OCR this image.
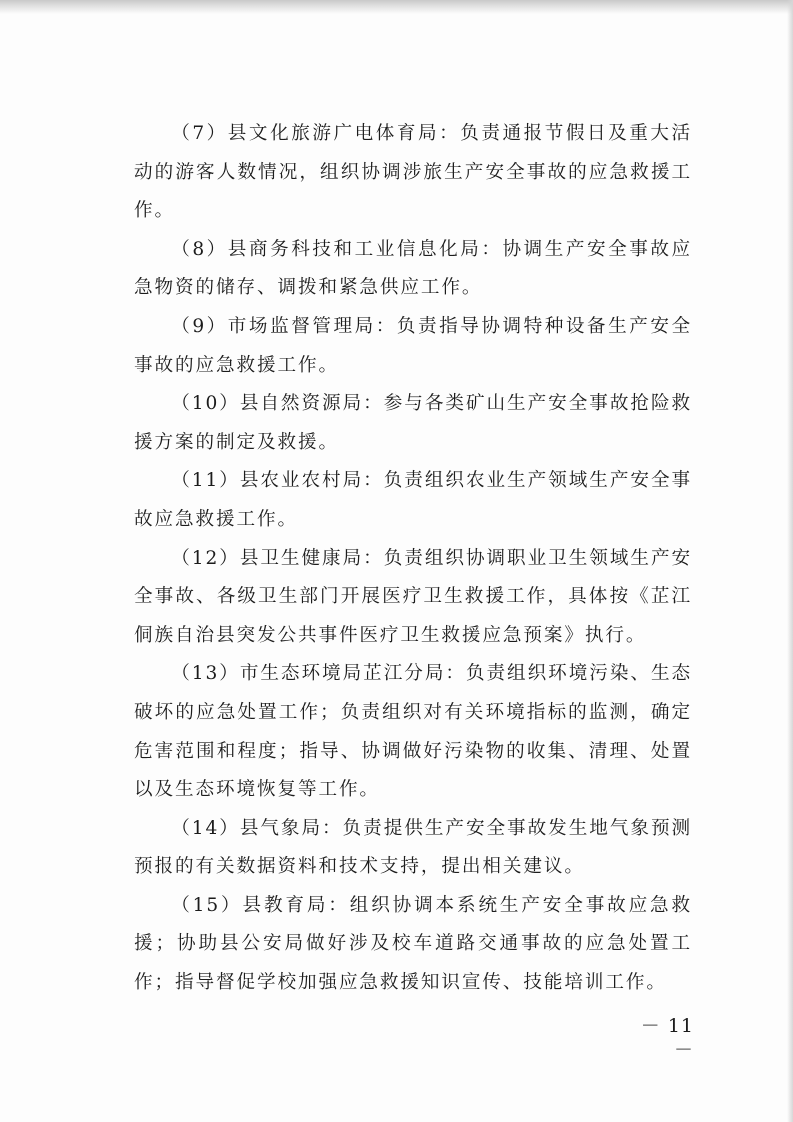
（7）县文化旅游广电体育局：负责通报节假日及重大活动的游客人数情况，组织协调涉旅生产安全事故的应急救援工作。

（8）县商务科技和工业信息化局：协调生产安全事故应急物资的储存、调拨和紧急供应工作。

（9）市场监督管理局：负责指导协调特种设备生产安全事故的应急救援工作。

（10）县自然资源局：参与各类矿山生产安全事故抢险救援方案的制定及救援。

（11）县农业农村局：负责组织农业生产领域生产安全事故应急救援工作。

（12）县卫生健康局：负责组织协调职业卫生领域生产安全事故、各级卫生部门开展医疗卫生救援工作，具体按《芷江侗族自治县突发公共事件医疗卫生救援应急预案》执行。

（13）市生态环境局芷江分局：负责组织环境污染、生态破坏的应急处置工作；负责组织对有关环境指标的监测，确定危害范围和程度；指导、协调做好污染物的收集、清理、处置以及生态环境恢复等工作。

（14）县气象局：负责提供生产安全事故发生地气象预测预报的有关数据资料和技术支持，提出相关建议。

（15）县教育局：组织协调本系统生产安全事故应急救援；协助县公安局做好涉及校车道路交通事故的应急处置工作；指导督促学校加强应急救援知识宣传、技能培训工作。

－ 11 －
